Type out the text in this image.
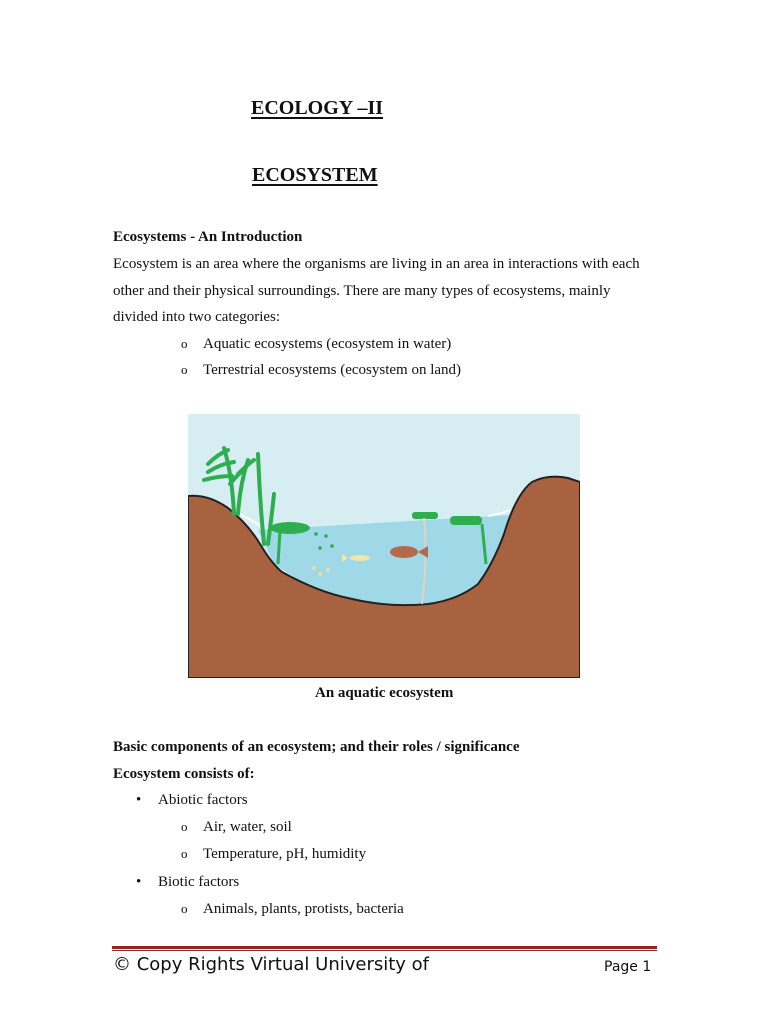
ECOLOGY –II
ECOSYSTEM
Ecosystems - An Introduction
Ecosystem is an area where the organisms are living in an area in interactions with each
other and their physical surroundings. There are many types of ecosystems, mainly
divided into two categories:
o Aquatic ecosystems (ecosystem in water)
o Terrestrial ecosystems (ecosystem on land)
An aquatic ecosystem
Basic components of an ecosystem; and their roles / significance
Ecosystem consists of:
• Abiotic factors
o Air, water, soil
o Temperature, pH, humidity
• Biotic factors
o Animals, plants, protists, bacteria
© Copy Rights Virtual University of	Page 1
